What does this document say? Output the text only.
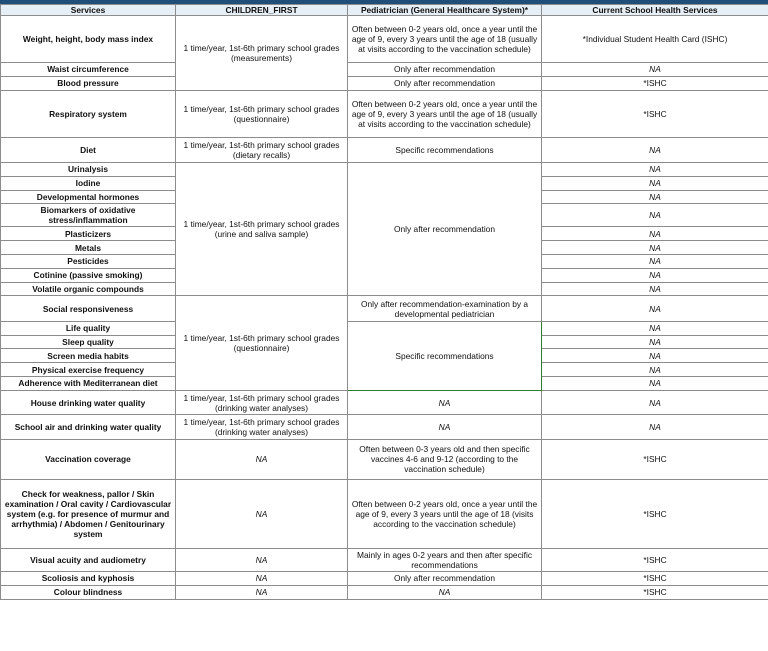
Services	CHILDREN_FIRST	Pediatrician (General Healthcare System)*	Current School Health Services
Weight, height, body mass index	1 time/year, 1st-6th primary school grades (measurements)	Often between 0-2 years old, once a year until the age of 9, every 3 years until the age of 18 (usually at visits according to the vaccination schedule)	*Individual Student Health Card (ISHC)
Waist circumference		Only after recommendation	NA
Blood pressure		Only after recommendation	*ISHC
Respiratory system	1 time/year, 1st-6th primary school grades (questionnaire)	Often between 0-2 years old, once a year until the age of 9, every 3 years until the age of 18 (usually at visits according to the vaccination schedule)	*ISHC
Diet	1 time/year, 1st-6th primary school grades (dietary recalls)	Specific recommendations	NA
Urinalysis	1 time/year, 1st-6th primary school grades (urine and saliva sample)	Only after recommendation	NA
Iodine			NA
Developmental hormones			NA
Biomarkers of oxidative stress/inflammation			NA
Plasticizers			NA
Metals			NA
Pesticides			NA
Cotinine (passive smoking)			NA
Volatile organic compounds			NA
Social responsiveness	1 time/year, 1st-6th primary school grades (questionnaire)	Only after recommendation-examination by a developmental pediatrician	NA
Life quality		Specific recommendations	NA
Sleep quality			NA
Screen media habits			NA
Physical exercise frequency			NA
Adherence with Mediterranean diet			NA
House drinking water quality	1 time/year, 1st-6th primary school grades (drinking water analyses)	NA	NA
School air and drinking water quality	1 time/year, 1st-6th primary school grades (drinking water analyses)	NA	NA
Vaccination coverage	NA	Often between 0-3 years old and then specific vaccines 4-6 and 9-12 (according to the vaccination schedule)	*ISHC
Check for weakness, pallor / Skin examination / Oral cavity / Cardiovascular system (e.g. for presence of murmur and arrhythmia) / Abdomen / Genitourinary system	NA	Often between 0-2 years old, once a year until the age of 9, every 3 years until the age of 18 (visits according to the vaccination schedule)	*ISHC
Visual acuity and audiometry	NA	Mainly in ages 0-2 years and then after specific recommendations	*ISHC
Scoliosis and kyphosis	NA	Only after recommendation	*ISHC
Colour blindness	NA	NA	*ISHC
